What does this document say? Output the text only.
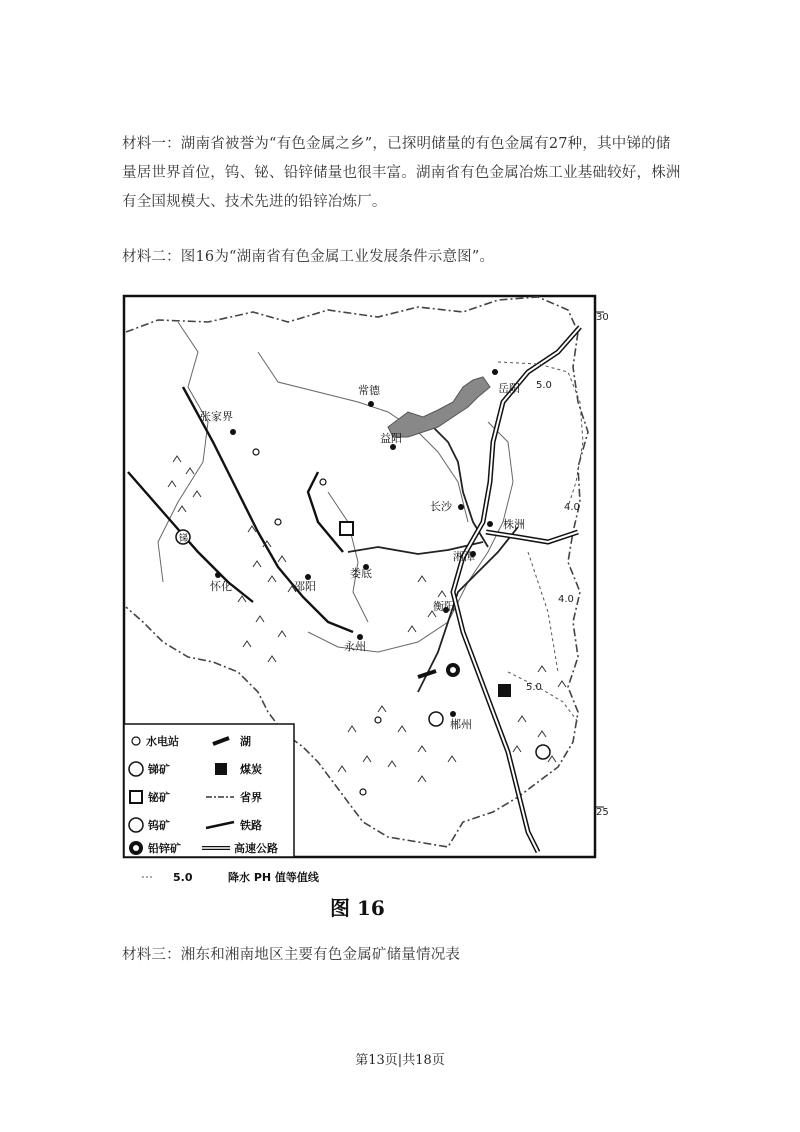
材料一：湖南省被誉为“有色金属之乡”，已探明储量的有色金属有27种，其中锑的储量居世界首位，钨、铋、铅锌储量也很丰富。湖南省有色金属冶炼工业基础较好，株洲有全国规模大、技术先进的铅锌冶炼厂。
材料二：图16为“湖南省有色金属工业发展条件示意图”。
张家界
常德
益阳
岳阳
长沙
株洲
湘潭
娄底
怀化	邵阳
衡阳
永州
郴州
5.0
4.0
4.0
5.0
30
25
锑
水电站	湖
锑矿	煤炭
铋矿	省界
钨矿	铁路
铅锌矿	高速公路
5.0	降水 PH 值等值线
图 16
材料三：湘东和湘南地区主要有色金属矿储量情况表
第13页|共18页
